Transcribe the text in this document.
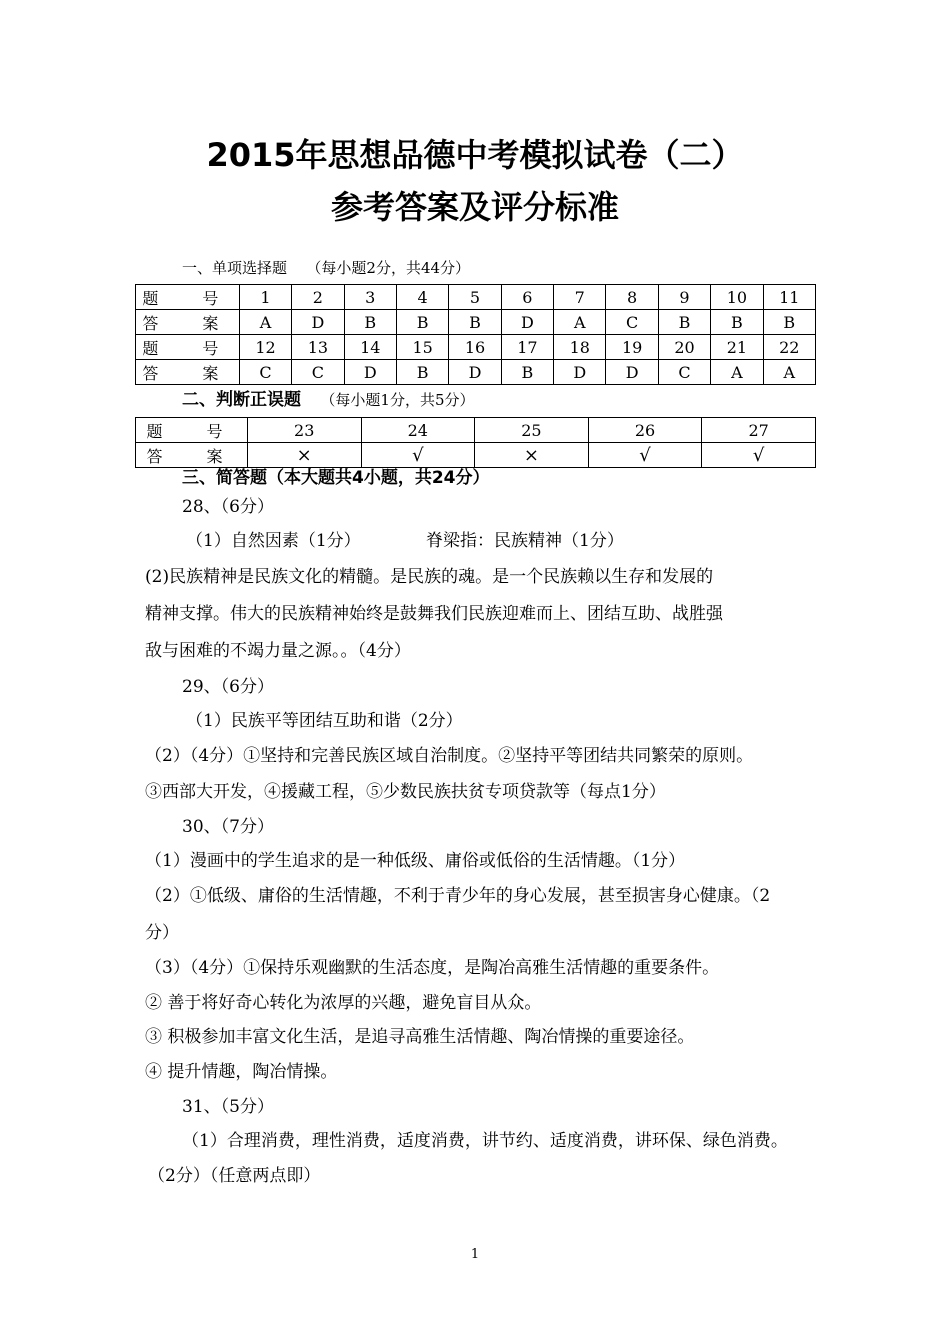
2015年思想品德中考模拟试卷（二）
参考答案及评分标准
一、单项选择题 （每小题2分，共44分）
题　号	1	2	3	4	5	6	7	8	9	10	11
答　案	A	D	B	B	B	D	A	C	B	B	B
题　号	12	13	14	15	16	17	18	19	20	21	22
答　案	C	C	D	B	D	B	D	D	C	A	A
二、判断正误题 （每小题1分，共5分）
题　号	23	24	25	26	27
答　案	×	√	×	√	√
三、简答题（本大题共4小题，共24分）
28、（6分）
（1）自然因素（1分）	脊梁指：民族精神（1分）
(2)民族精神是民族文化的精髓。是民族的魂。是一个民族赖以生存和发展的
精神支撑。伟大的民族精神始终是鼓舞我们民族迎难而上、团结互助、战胜强
敌与困难的不竭力量之源。。（4分）
29、（6分）
（1）民族平等团结互助和谐（2分）
（2）（4分）①坚持和完善民族区域自治制度。②坚持平等团结共同繁荣的原则。
③西部大开发，④援藏工程，⑤少数民族扶贫专项贷款等（每点1分）
30、（7分）
（1）漫画中的学生追求的是一种低级、庸俗或低俗的生活情趣。（1分）
（2）①低级、庸俗的生活情趣，不利于青少年的身心发展，甚至损害身心健康。（2
分）
（3）（4分）①保持乐观幽默的生活态度，是陶冶高雅生活情趣的重要条件。
② 善于将好奇心转化为浓厚的兴趣，避免盲目从众。
③ 积极参加丰富文化生活，是追寻高雅生活情趣、陶冶情操的重要途径。
④ 提升情趣，陶冶情操。
31、（5分）
（1）合理消费，理性消费，适度消费，讲节约、适度消费，讲环保、绿色消费。
（2分）（任意两点即）
1
